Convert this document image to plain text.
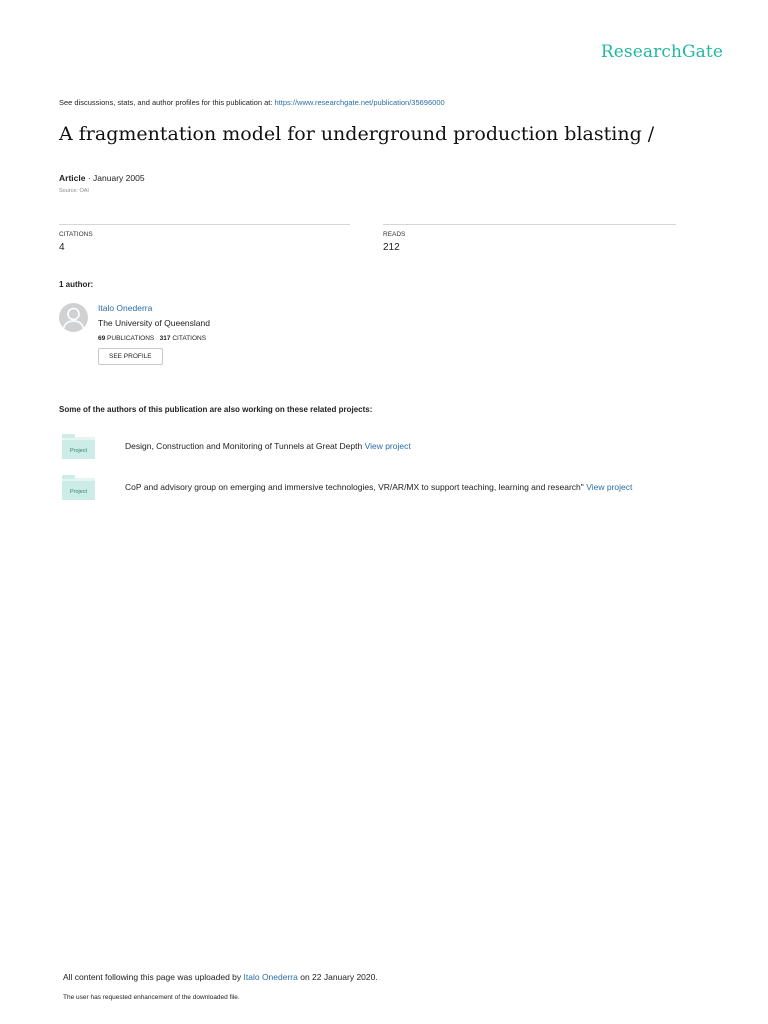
ResearchGate
See discussions, stats, and author profiles for this publication at: https://www.researchgate.net/publication/35696000
A fragmentation model for underground production blasting /
Article · January 2005
Source: OAI
CITATIONS
4
READS
212
1 author:
Italo Onederra
The University of Queensland
69 PUBLICATIONS 317 CITATIONS
SEE PROFILE
Some of the authors of this publication are also working on these related projects:
Project	Design, Construction and Monitoring of Tunnels at Great Depth View project
Project	CoP and advisory group on emerging and immersive technologies, VR/AR/MX to support teaching, learning and research" View project
All content following this page was uploaded by Italo Onederra on 22 January 2020.
The user has requested enhancement of the downloaded file.
